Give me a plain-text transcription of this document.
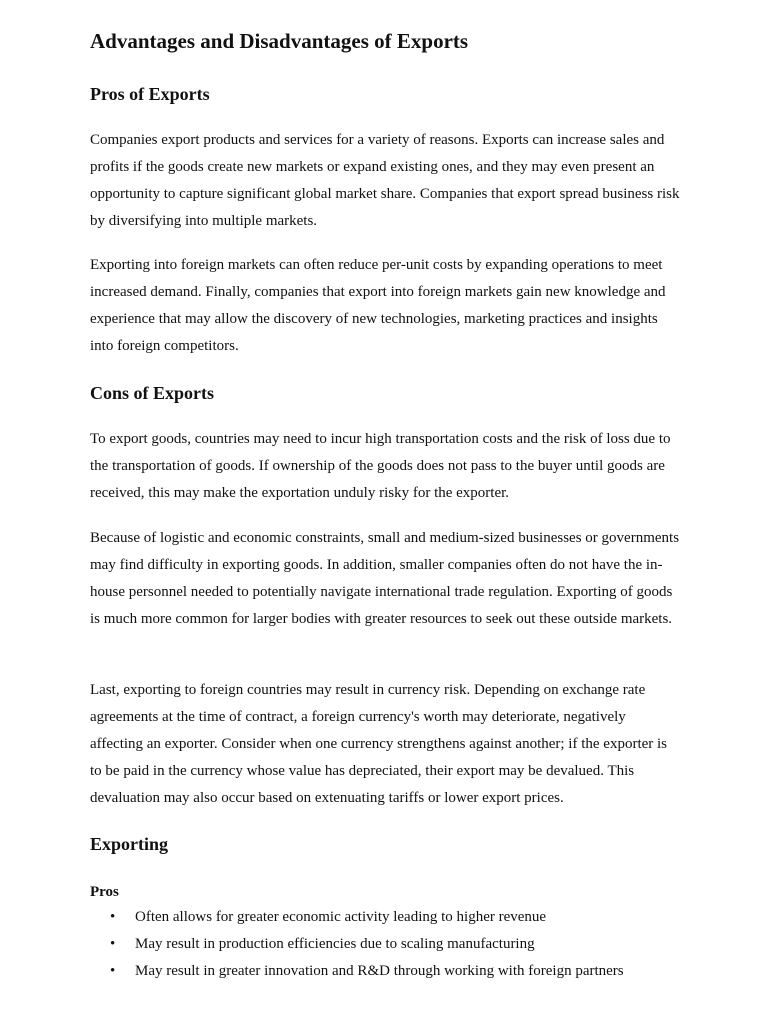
Advantages and Disadvantages of Exports
Pros of Exports

Companies export products and services for a variety of reasons. Exports can increase sales and profits if the goods create new markets or expand existing ones, and they may even present an opportunity to capture significant global market share. Companies that export spread business risk by diversifying into multiple markets.

Exporting into foreign markets can often reduce per-unit costs by expanding operations to meet increased demand. Finally, companies that export into foreign markets gain new knowledge and experience that may allow the discovery of new technologies, marketing practices and insights into foreign competitors.

Cons of Exports

To export goods, countries may need to incur high transportation costs and the risk of loss due to the transportation of goods. If ownership of the goods does not pass to the buyer until goods are received, this may make the exportation unduly risky for the exporter.

Because of logistic and economic constraints, small and medium-sized businesses or governments may find difficulty in exporting goods. In addition, smaller companies often do not have the in-house personnel needed to potentially navigate international trade regulation. Exporting of goods is much more common for larger bodies with greater resources to seek out these outside markets.

Last, exporting to foreign countries may result in currency risk. Depending on exchange rate agreements at the time of contract, a foreign currency's worth may deteriorate, negatively affecting an exporter. Consider when one currency strengthens against another; if the exporter is to be paid in the currency whose value has depreciated, their export may be devalued. This devaluation may also occur based on extenuating tariffs or lower export prices.

Exporting
Pros
• Often allows for greater economic activity leading to higher revenue
• May result in production efficiencies due to scaling manufacturing
• May result in greater innovation and R&D through working with foreign partners
